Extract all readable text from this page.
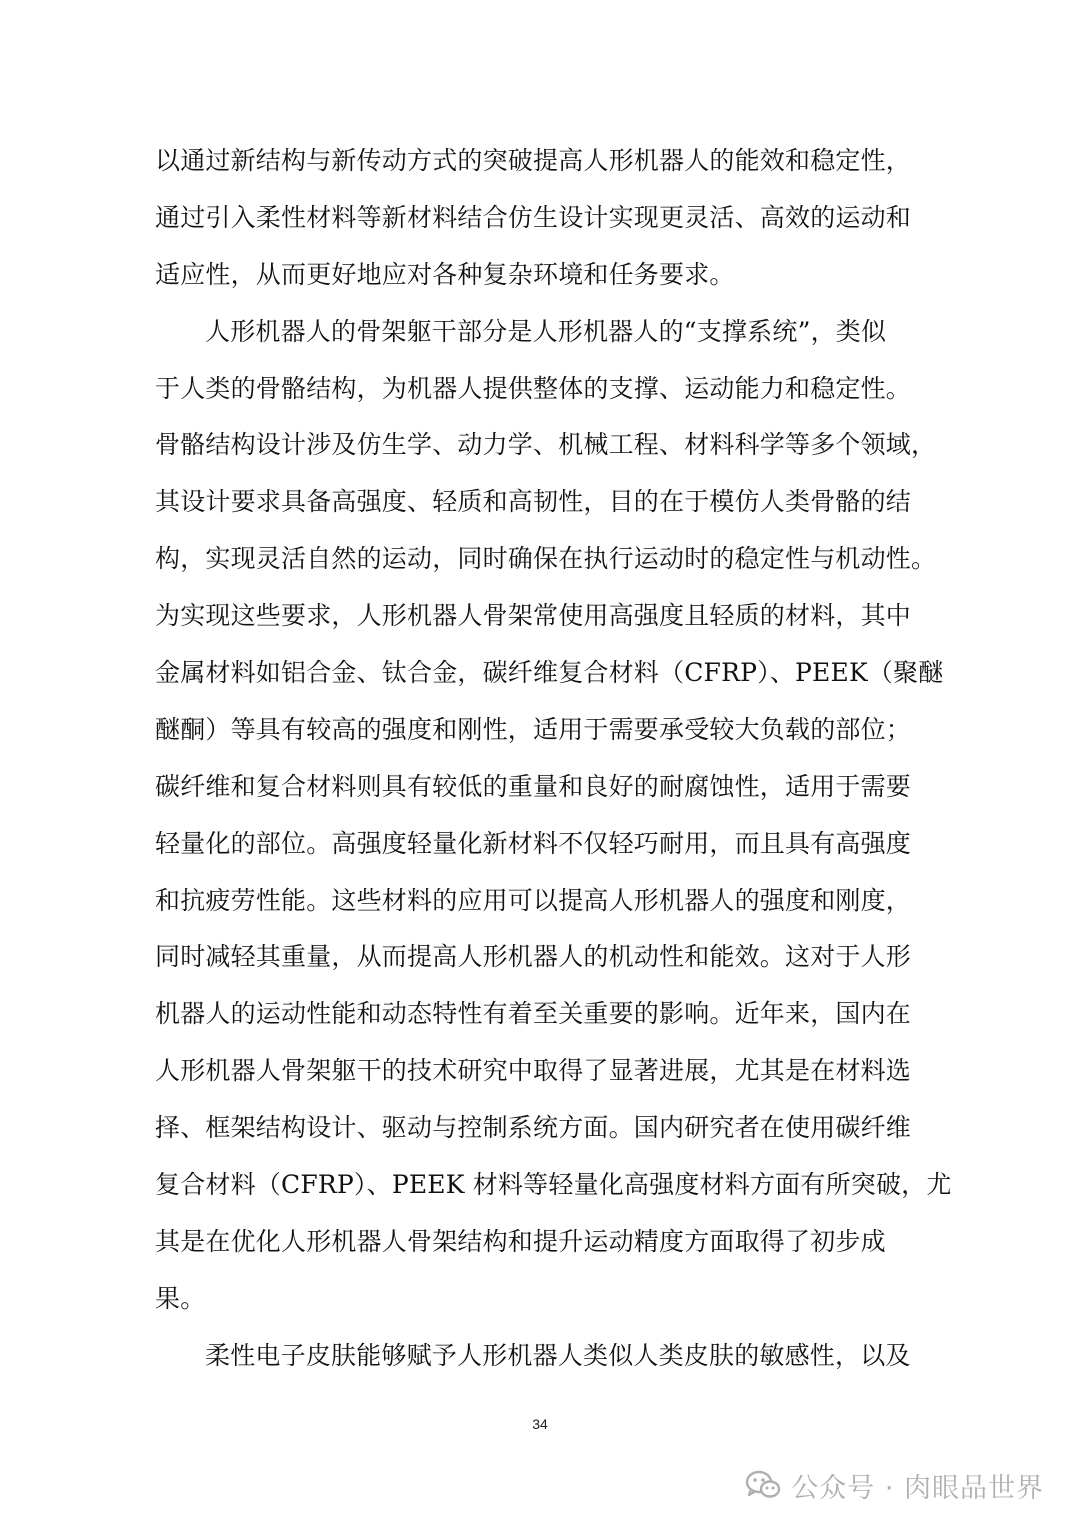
以通过新结构与新传动方式的突破提高人形机器人的能效和稳定性，
通过引入柔性材料等新材料结合仿生设计实现更灵活、高效的运动和
适应性，从而更好地应对各种复杂环境和任务要求。
人形机器人的骨架躯干部分是人形机器人的“支撑系统”，类似
于人类的骨骼结构，为机器人提供整体的支撑、运动能力和稳定性。
骨骼结构设计涉及仿生学、动力学、机械工程、材料科学等多个领域，
其设计要求具备高强度、轻质和高韧性，目的在于模仿人类骨骼的结
构，实现灵活自然的运动，同时确保在执行运动时的稳定性与机动性。
为实现这些要求，人形机器人骨架常使用高强度且轻质的材料，其中
金属材料如铝合金、钛合金，碳纤维复合材料（CFRP）、PEEK（聚醚
醚酮）等具有较高的强度和刚性，适用于需要承受较大负载的部位；
碳纤维和复合材料则具有较低的重量和良好的耐腐蚀性，适用于需要
轻量化的部位。高强度轻量化新材料不仅轻巧耐用，而且具有高强度
和抗疲劳性能。这些材料的应用可以提高人形机器人的强度和刚度，
同时减轻其重量，从而提高人形机器人的机动性和能效。这对于人形
机器人的运动性能和动态特性有着至关重要的影响。近年来，国内在
人形机器人骨架躯干的技术研究中取得了显著进展，尤其是在材料选
择、框架结构设计、驱动与控制系统方面。国内研究者在使用碳纤维
复合材料（CFRP）、PEEK 材料等轻量化高强度材料方面有所突破，尤
其是在优化人形机器人骨架结构和提升运动精度方面取得了初步成
果。
柔性电子皮肤能够赋予人形机器人类似人类皮肤的敏感性，以及
34
公众号 · 肉眼品世界
